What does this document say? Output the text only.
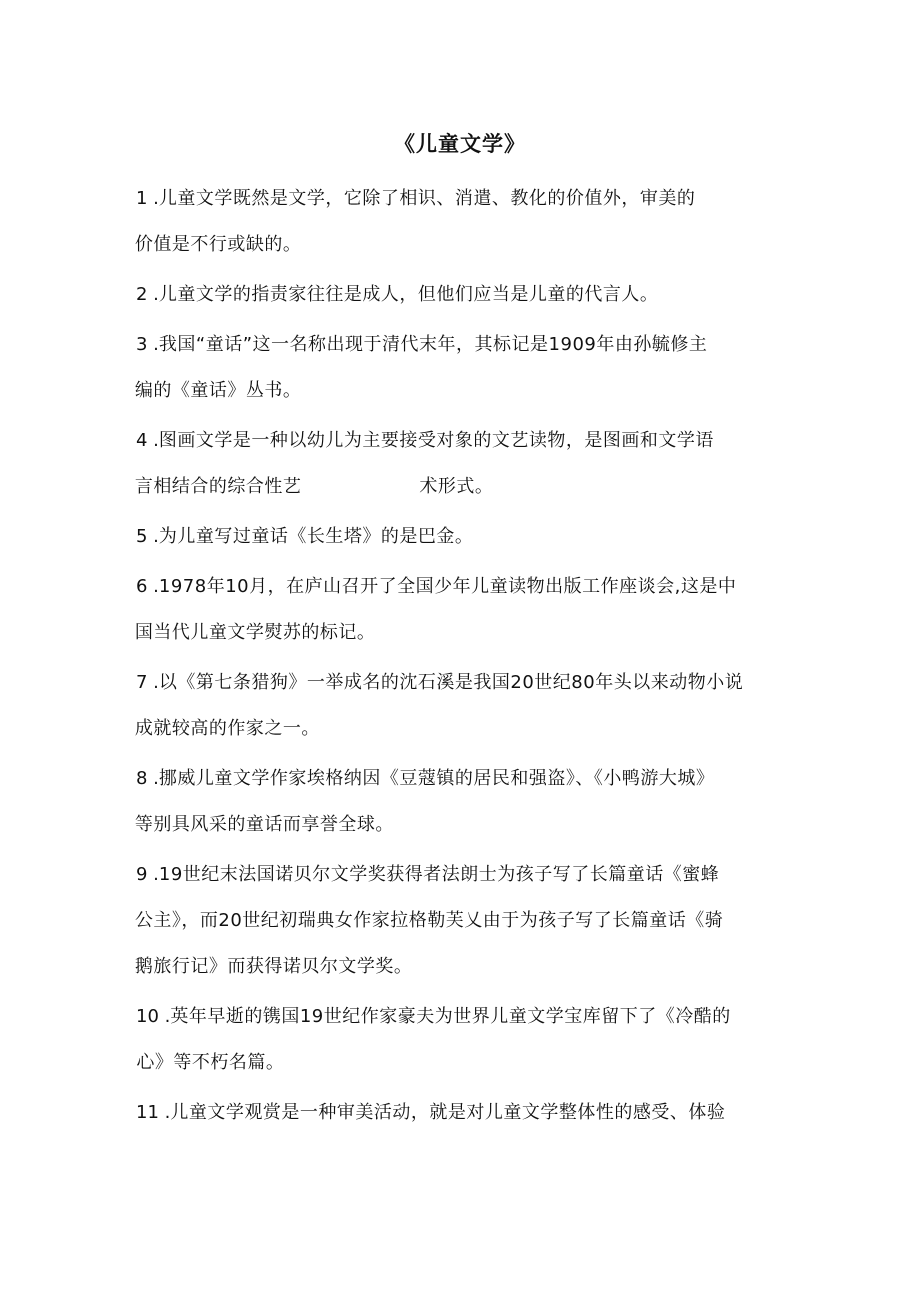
《儿童文学》
1 . 儿童文学既然是文学，它除了相识、消遣、教化的价值外，审美的
价值是不行或缺的。
2 . 儿童文学的指责家往往是成人，但他们应当是儿童的代言人。
3 . 我国“童话”这一名称出现于清代末年，其标记是1909年由孙毓修主
编的《童话》丛书。
4 . 图画文学是一种以幼儿为主要接受对象的文艺读物，是图画和文学语
言相结合的综合性艺	术形式。
5 . 为儿童写过童话《长生塔》的是巴金。
6 . 1978年10月，在庐山召开了全国少年儿童读物出版工作座谈会,这是中
国当代儿童文学熨苏的标记。
7 . 以《第七条猎狗》一举成名的沈石溪是我国20世纪80年头以来动物小说
成就较高的作家之一。
8 . 挪威儿童文学作家埃格纳因《豆蔻镇的居民和强盗》、《小鸭游大城》
等别具风采的童话而享誉全球。
9 . 19世纪末法国诺贝尔文学奖获得者法朗士为孩子写了长篇童话《蜜蜂
公主》，而20世纪初瑞典女作家拉格勒芙乂由于为孩子写了长篇童话《骑
鹅旅行记》而获得诺贝尔文学奖。
10 . 英年早逝的镌国19世纪作家豪夫为世界儿童文学宝库留下了《冷酷的
心》等不朽名篇。
11 . 儿童文学观赏是一种审美活动，就是对儿童文学整体性的感受、体验
